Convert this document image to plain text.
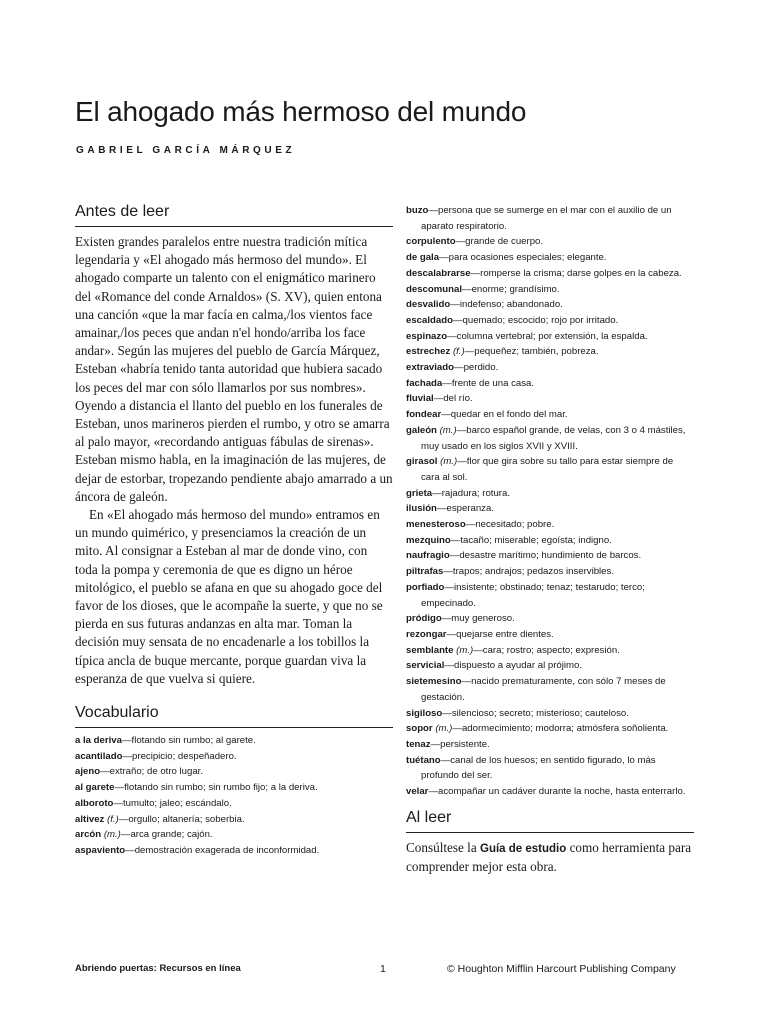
El ahogado más hermoso del mundo
GABRIEL GARCÍA MÁRQUEZ
Antes de leer

Existen grandes paralelos entre nuestra tradición mítica legendaria y «El ahogado más hermoso del mundo». El ahogado comparte un talento con el enigmático marinero del «Romance del conde Arnaldos» (S. XV), quien entona una canción «que la mar facía en calma,/los vientos face amainar,/los peces que andan n'el hondo/arriba los face andar». Según las mujeres del pueblo de García Márquez, Esteban «habría tenido tanta autoridad que hubiera sacado los peces del mar con sólo llamarlos por sus nombres». Oyendo a distancia el llanto del pueblo en los funerales de Esteban, unos marineros pierden el rumbo, y otro se amarra al palo mayor, «recordando antiguas fábulas de sirenas». Esteban mismo habla, en la imaginación de las mujeres, de dejar de estorbar, tropezando pendiente abajo amarrado a un áncora de galeón.

En «El ahogado más hermoso del mundo» entramos en un mundo quimérico, y presenciamos la creación de un mito. Al consignar a Esteban al mar de donde vino, con toda la pompa y ceremonia de que es digno un héroe mitológico, el pueblo se afana en que su ahogado goce del favor de los dioses, que le acompañe la suerte, y que no se pierda en sus futuras andanzas en alta mar. Toman la decisión muy sensata de no encadenarle a los tobillos la típica ancla de buque mercante, porque guardan viva la esperanza de que vuelva si quiere.

Vocabulario
a la deriva—flotando sin rumbo; al garete.
acantilado—precipicio; despeñadero.
ajeno—extraño; de otro lugar.
al garete—flotando sin rumbo; sin rumbo fijo; a la deriva.
alboroto—tumulto; jaleo; escándalo.
altivez (f.)—orgullo; altanería; soberbia.
arcón (m.)—arca grande; cajón.
aspaviento—demostración exagerada de inconformidad.
buzo—persona que se sumerge en el mar con el auxilio de un aparato respiratorio.
corpulento—grande de cuerpo.
de gala—para ocasiones especiales; elegante.
descalabrarse—romperse la crisma; darse golpes en la cabeza.
descomunal—enorme; grandísimo.
desvalido—indefenso; abandonado.
escaldado—quemado; escocido; rojo por irritado.
espinazo—columna vertebral; por extensión, la espalda.
estrechez (f.)—pequeñez; también, pobreza.
extraviado—perdido.
fachada—frente de una casa.
fluvial—del río.
fondear—quedar en el fondo del mar.
galeón (m.)—barco español grande, de velas, con 3 o 4 mástiles, muy usado en los siglos XVII y XVIII.
girasol (m.)—flor que gira sobre su tallo para estar siempre de cara al sol.
grieta—rajadura; rotura.
ilusión—esperanza.
menesteroso—necesitado; pobre.
mezquino—tacaño; miserable; egoísta; indigno.
naufragio—desastre marítimo; hundimiento de barcos.
piltrafas—trapos; andrajos; pedazos inservibles.
porfiado—insistente; obstinado; tenaz; testarudo; terco; empecinado.
pródigo—muy generoso.
rezongar—quejarse entre dientes.
semblante (m.)—cara; rostro; aspecto; expresión.
servicial—dispuesto a ayudar al prójimo.
sietemesino—nacido prematuramente, con sólo 7 meses de gestación.
sigiloso—silencioso; secreto; misterioso; cauteloso.
sopor (m.)—adormecimiento; modorra; atmósfera soñolienta.
tenaz—persistente.
tuétano—canal de los huesos; en sentido figurado, lo más profundo del ser.
velar—acompañar un cadáver durante la noche, hasta enterrarlo.
Al leer

Consúltese la Guía de estudio como herramienta para comprender mejor esta obra.

Abriendo puertas: Recursos en línea	1	© Houghton Mifflin Harcourt Publishing Company
